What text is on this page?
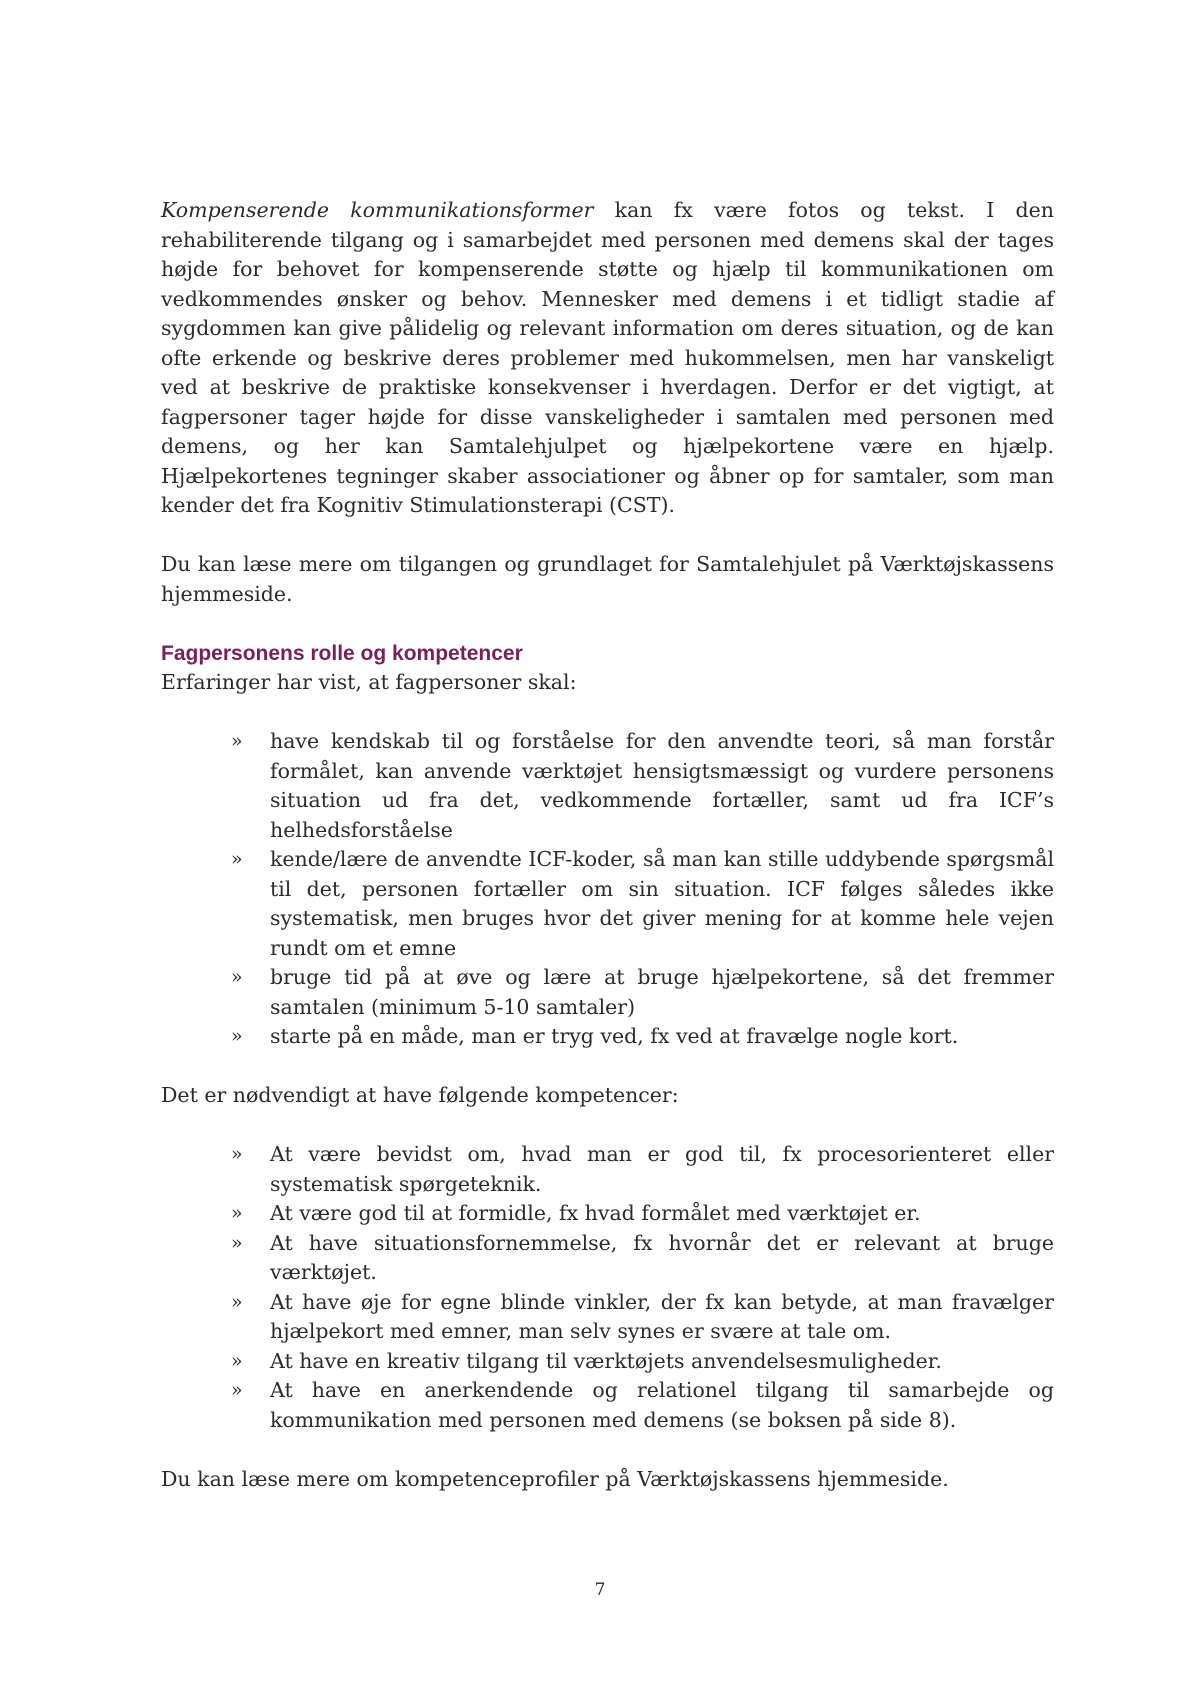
Kompenserende kommunikationsformer kan fx være fotos og tekst. I den rehabiliterende tilgang og i samarbejdet med personen med demens skal der tages højde for behovet for kompenserende støtte og hjælp til kommunikationen om vedkommendes ønsker og behov. Mennesker med demens i et tidligt stadie af sygdommen kan give pålidelig og relevant information om deres situation, og de kan ofte erkende og beskrive deres problemer med hukommelsen, men har vanskeligt ved at beskrive de praktiske konsekvenser i hverdagen. Derfor er det vigtigt, at fagpersoner tager højde for disse vanskeligheder i samtalen med personen med demens, og her kan Samtalehjulpet og hjælpekortene være en hjælp. Hjælpekortenes tegninger skaber associationer og åbner op for samtaler, som man kender det fra Kognitiv Stimulationsterapi (CST).

Du kan læse mere om tilgangen og grundlaget for Samtalehjulet på Værktøjskassens hjemmeside.

Fagpersonens rolle og kompetencer

Erfaringer har vist, at fagpersoner skal:

» have kendskab til og forståelse for den anvendte teori, så man forstår formålet, kan anvende værktøjet hensigtsmæssigt og vurdere personens situation ud fra det, vedkommende fortæller, samt ud fra ICF’s helhedsforståelse
» kende/lære de anvendte ICF-koder, så man kan stille uddybende spørgsmål til det, personen fortæller om sin situation. ICF følges således ikke systematisk, men bruges hvor det giver mening for at komme hele vejen rundt om et emne
» bruge tid på at øve og lære at bruge hjælpekortene, så det fremmer samtalen (minimum 5-10 samtaler)
» starte på en måde, man er tryg ved, fx ved at fravælge nogle kort.

Det er nødvendigt at have følgende kompetencer:

» At være bevidst om, hvad man er god til, fx procesorienteret eller systematisk spørgeteknik.
» At være god til at formidle, fx hvad formålet med værktøjet er.
» At have situationsfornemmelse, fx hvornår det er relevant at bruge værktøjet.
» At have øje for egne blinde vinkler, der fx kan betyde, at man fravælger hjælpekort med emner, man selv synes er svære at tale om.
» At have en kreativ tilgang til værktøjets anvendelsesmuligheder.
» At have en anerkendende og relationel tilgang til samarbejde og kommunikation med personen med demens (se boksen på side 8).

Du kan læse mere om kompetenceprofiler på Værktøjskassens hjemmeside.

7
